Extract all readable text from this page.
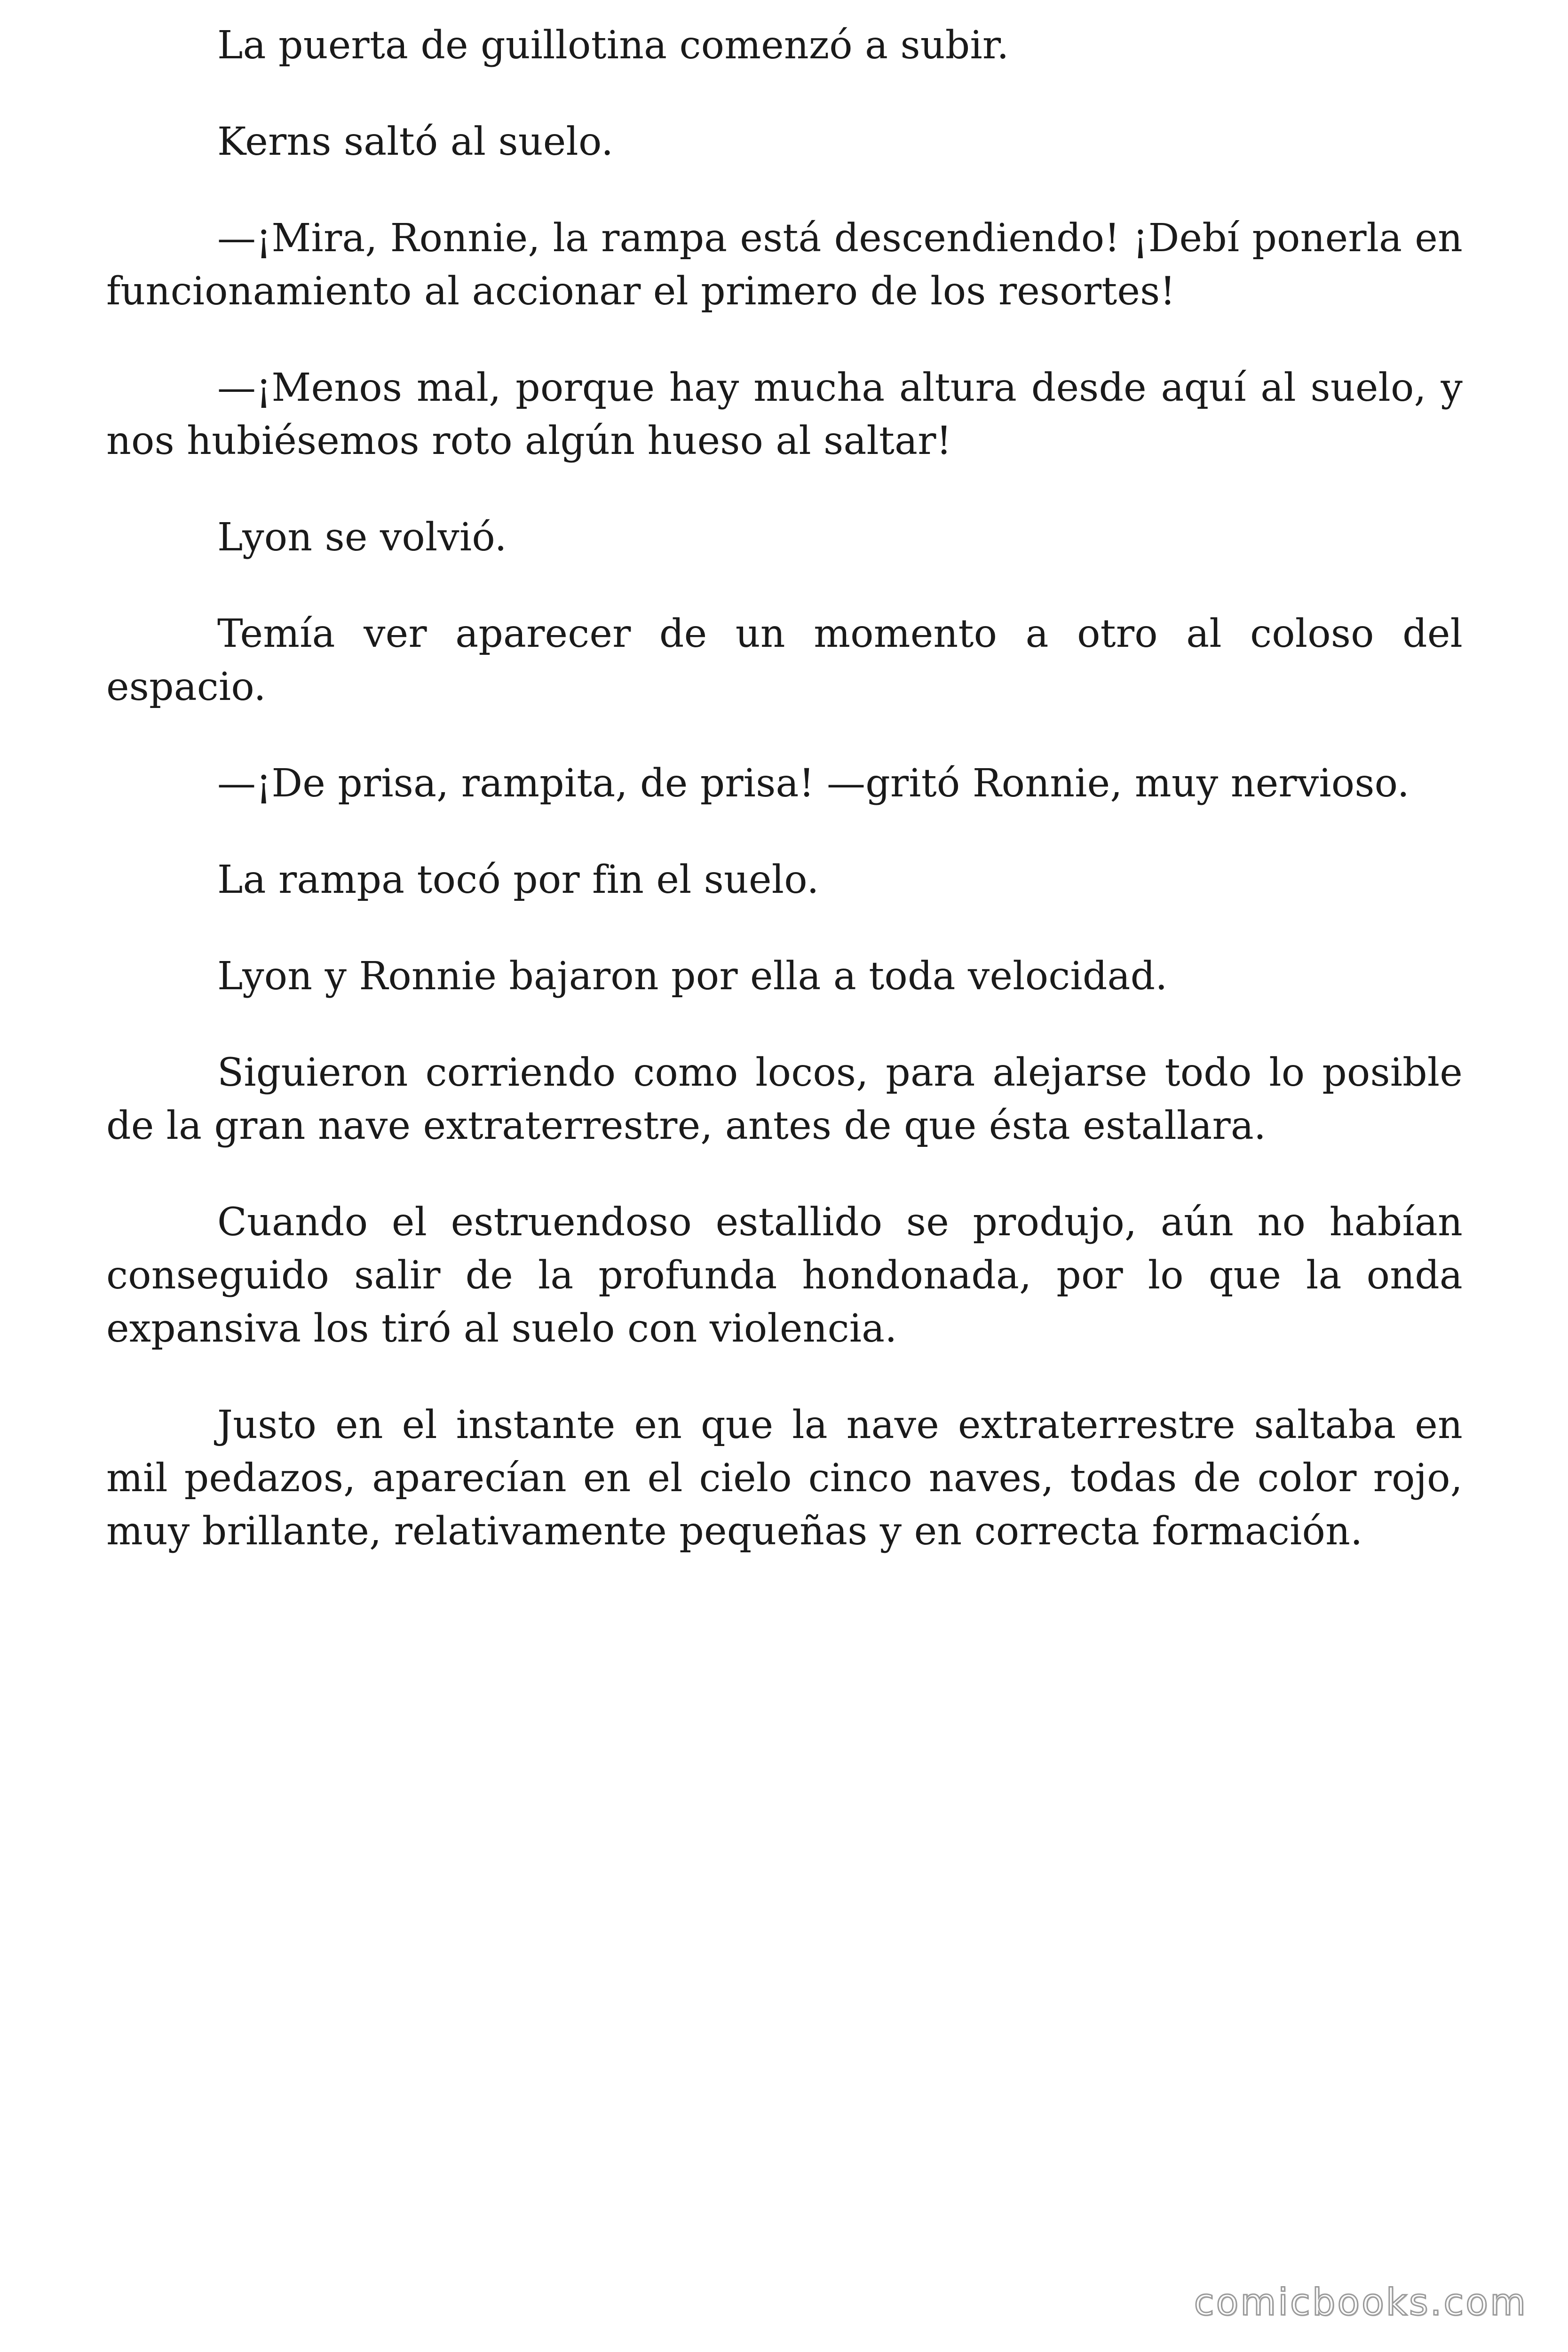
La puerta de guillotina comenzó a subir.

Kerns saltó al suelo.

—¡Mira, Ronnie, la rampa está descendiendo! ¡Debí ponerla en funcionamiento al accionar el primero de los resortes!

—¡Menos mal, porque hay mucha altura desde aquí al suelo, y nos hubiésemos roto algún hueso al saltar!

Lyon se volvió.

Temía ver aparecer de un momento a otro al coloso del espacio.

—¡De prisa, rampita, de prisa! —gritó Ronnie, muy nervioso.

La rampa tocó por fin el suelo.

Lyon y Ronnie bajaron por ella a toda velocidad.

Siguieron corriendo como locos, para alejarse todo lo posible de la gran nave extraterrestre, antes de que ésta estallara.

Cuando el estruendoso estallido se produjo, aún no habían conseguido salir de la profunda hondonada, por lo que la onda expansiva los tiró al suelo con violencia.

Justo en el instante en que la nave extraterrestre saltaba en mil pedazos, aparecían en el cielo cinco naves, todas de color rojo, muy brillante, relativamente pequeñas y en correcta formación.

comicbooks.com
